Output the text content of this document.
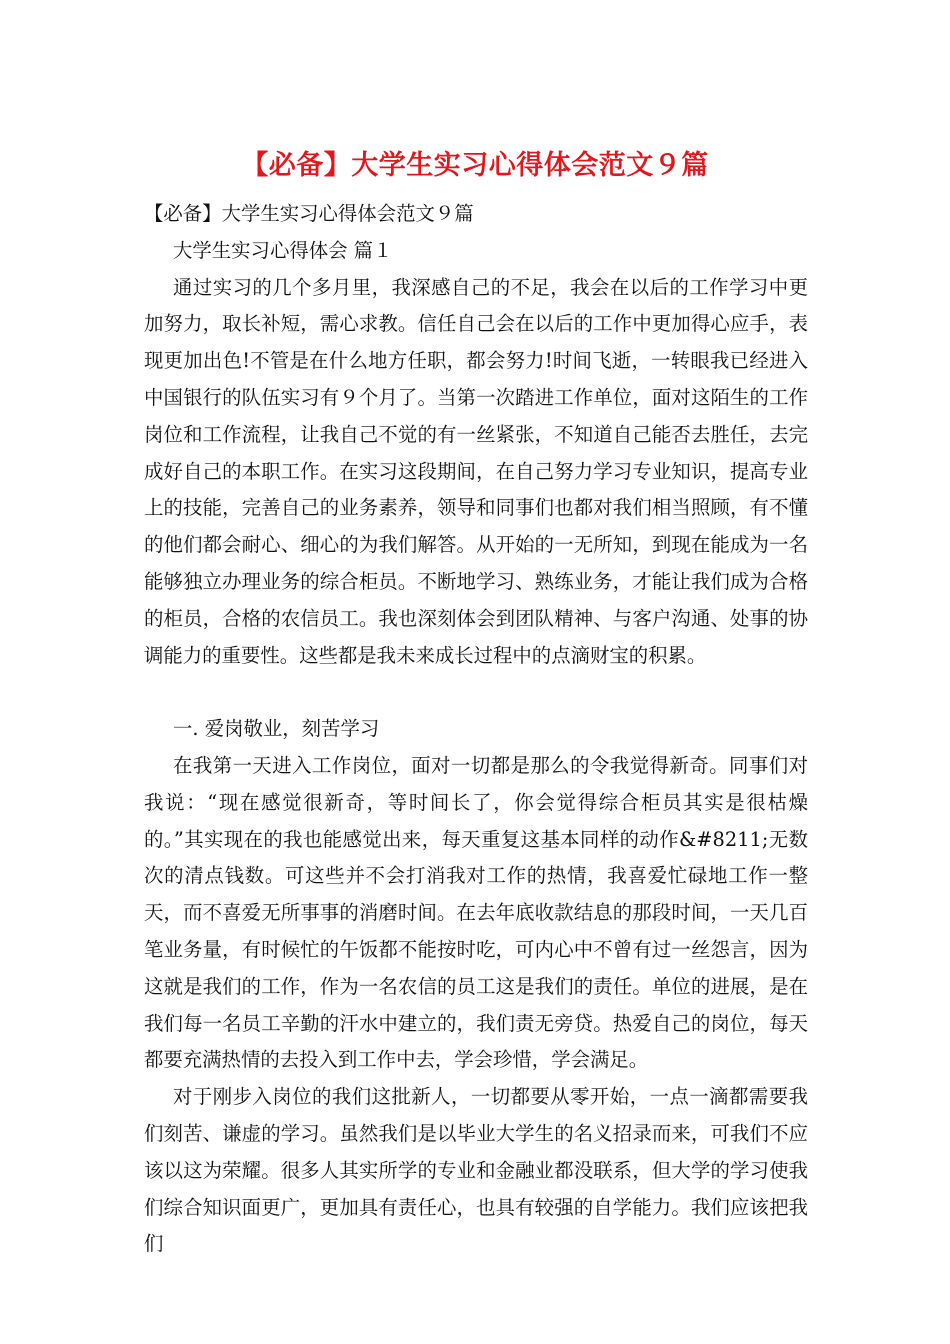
【必备】大学生实习心得体会范文９篇

【必备】大学生实习心得体会范文９篇

大学生实习心得体会 篇１

通过实习的几个多月里，我深感自己的不足，我会在以后的工作学习中更加努力，取长补短，需心求教。信任自己会在以后的工作中更加得心应手，表现更加出色!不管是在什么地方任职，都会努力!时间飞逝，一转眼我已经进入中国银行的队伍实习有９个月了。当第一次踏进工作单位，面对这陌生的工作岗位和工作流程，让我自己不觉的有一丝紧张，不知道自己能否去胜任，去完成好自己的本职工作。在实习这段期间，在自己努力学习专业知识，提高专业上的技能，完善自己的业务素养，领导和同事们也都对我们相当照顾，有不懂的他们都会耐心、细心的为我们解答。从开始的一无所知，到现在能成为一名能够独立办理业务的综合柜员。不断地学习、熟练业务，才能让我们成为合格的柜员，合格的农信员工。我也深刻体会到团队精神、与客户沟通、处事的协调能力的重要性。这些都是我未来成长过程中的点滴财宝的积累。

一. 爱岗敬业，刻苦学习

在我第一天进入工作岗位，面对一切都是那么的令我觉得新奇。同事们对我说：“现在感觉很新奇，等时间长了，你会觉得综合柜员其实是很枯燥的。”其实现在的我也能感觉出来，每天重复这基本同样的动作&#8211;无数次的清点钱数。可这些并不会打消我对工作的热情，我喜爱忙碌地工作一整天，而不喜爱无所事事的消磨时间。在去年底收款结息的那段时间，一天几百笔业务量，有时候忙的午饭都不能按时吃，可内心中不曾有过一丝怨言，因为这就是我们的工作，作为一名农信的员工这是我们的责任。单位的进展，是在我们每一名员工辛勤的汗水中建立的，我们责无旁贷。热爱自己的岗位，每天都要充满热情的去投入到工作中去，学会珍惜，学会满足。

对于刚步入岗位的我们这批新人，一切都要从零开始，一点一滴都需要我们刻苦、谦虚的学习。虽然我们是以毕业大学生的名义招录而来，可我们不应该以这为荣耀。很多人其实所学的专业和金融业都没联系，但大学的学习使我们综合知识面更广，更加具有责任心，也具有较强的自学能力。我们应该把我们
